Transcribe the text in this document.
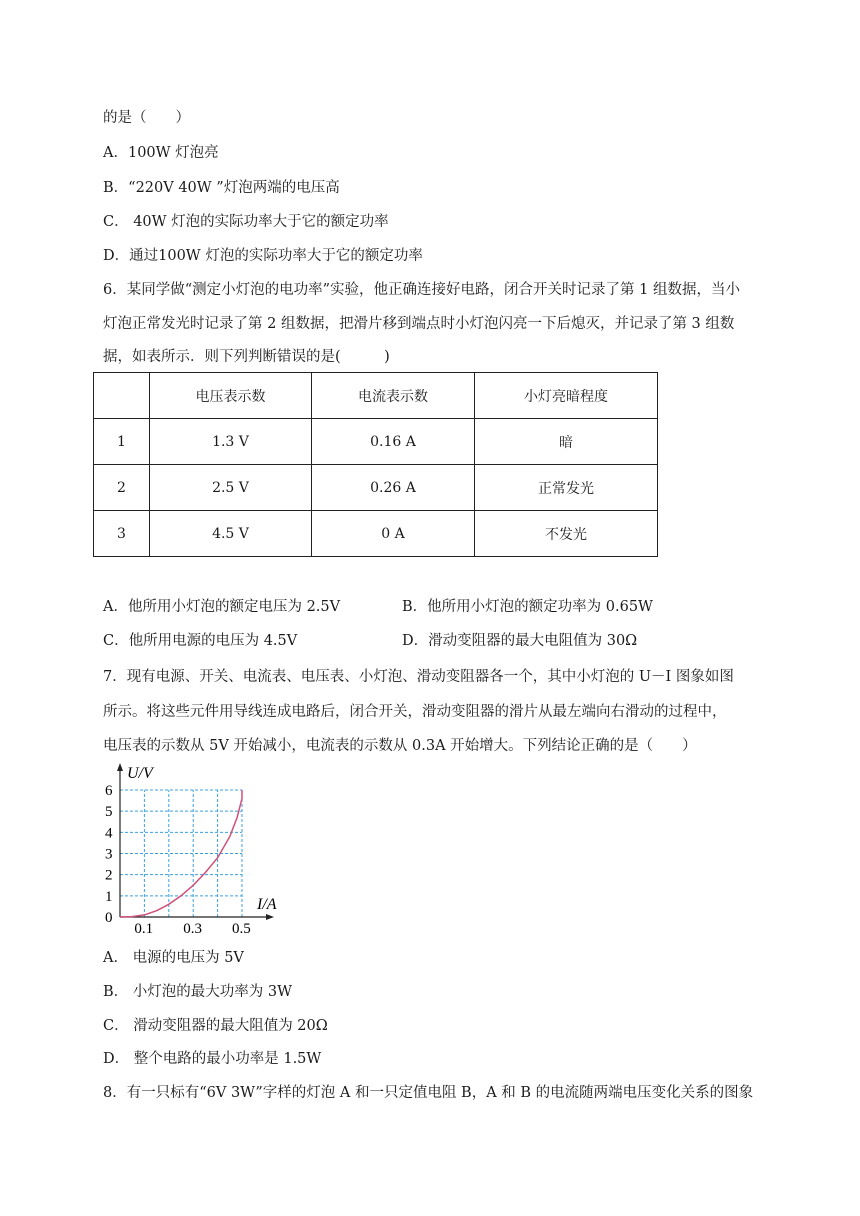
的是（　　）

A．100W 灯泡亮

B．“220V 40W ”灯泡两端的电压高

C． 40W 灯泡的实际功率大于它的额定功率

D．通过100W 灯泡的实际功率大于它的额定功率

6．某同学做“测定小灯泡的电功率”实验，他正确连接好电路，闭合开关时记录了第 1 组数据，当小

灯泡正常发光时记录了第 2 组数据，把滑片移到端点时小灯泡闪亮一下后熄灭，并记录了第 3 组数

据，如表所示．则下列判断错误的是(　　　)

	电压表示数	电流表示数	小灯亮暗程度
1	1.3 V	0.16 A	暗
2	2.5 V	0.26 A	正常发光
3	4.5 V	0 A	不发光
A．他所用小灯泡的额定电压为 2.5V	B．他所用小灯泡的额定功率为 0.65W
C．他所用电源的电压为 4.5V	D．滑动变阻器的最大电阻值为 30Ω

7．现有电源、开关、电流表、电压表、小灯泡、滑动变阻器各一个，其中小灯泡的 U－I 图象如图

所示。将这些元件用导线连成电路后，闭合开关，滑动变阻器的滑片从最左端向右滑动的过程中，

电压表的示数从 5V 开始减小，电流表的示数从 0.3A 开始增大。下列结论正确的是（　　）

0
1
2
3
4
5
6
0.1 0.3 0.5
U/V
I/A

A． 电源的电压为 5V

B． 小灯泡的最大功率为 3W

C． 滑动变阻器的最大阻值为 20Ω

D． 整个电路的最小功率是 1.5W

8．有一只标有“6V 3W”字样的灯泡 A 和一只定值电阻 B，A 和 B 的电流随两端电压变化关系的图象
